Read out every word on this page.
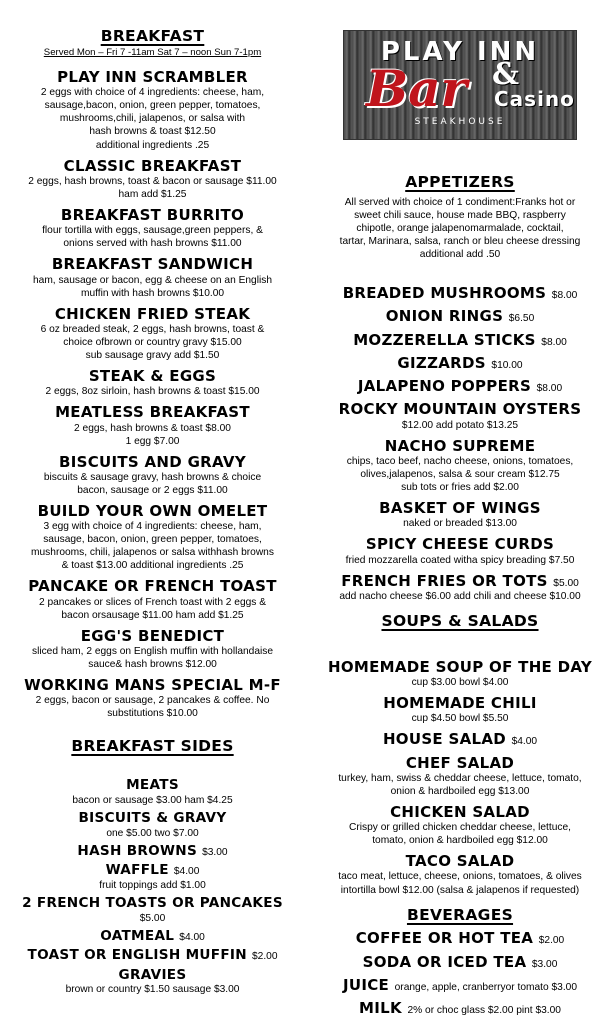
BREAKFAST
Served Mon – Fri 7 -11am Sat 7 – noon Sun 7-1pm
PLAY INN SCRAMBLER
2 eggs with choice of 4 ingredients: cheese, ham,
sausage,bacon, onion, green pepper, tomatoes,
mushrooms,chili, jalapenos, or salsa with
hash browns & toast $12.50
additional ingredients .25
CLASSIC BREAKFAST
2 eggs, hash browns, toast & bacon or sausage $11.00
ham add $1.25
BREAKFAST BURRITO
flour tortilla with eggs, sausage,green peppers, &
onions served with hash browns $11.00
BREAKFAST SANDWICH
ham, sausage or bacon, egg & cheese on an English
muffin with hash browns $10.00
CHICKEN FRIED STEAK
6 oz breaded steak, 2 eggs, hash browns, toast &
choice ofbrown or country gravy $15.00
sub sausage gravy add $1.50
STEAK & EGGS
2 eggs, 8oz sirloin, hash browns & toast $15.00
MEATLESS BREAKFAST
2 eggs, hash browns & toast $8.00
1 egg $7.00
BISCUITS AND GRAVY
biscuits & sausage gravy, hash browns & choice
bacon, sausage or 2 eggs $11.00
BUILD YOUR OWN OMELET
3 egg with choice of 4 ingredients: cheese, ham,
sausage, bacon, onion, green pepper, tomatoes,
mushrooms, chili, jalapenos or salsa withhash browns
& toast $13.00 additional ingredients .25
PANCAKE OR FRENCH TOAST
2 pancakes or slices of French toast with 2 eggs &
bacon orsausage $11.00 ham add $1.25
EGG'S BENEDICT
sliced ham, 2 eggs on English muffin with hollandaise
sauce& hash browns $12.00
WORKING MANS SPECIAL M-F
2 eggs, bacon or sausage, 2 pancakes & coffee. No
substitutions $10.00
BREAKFAST SIDES
MEATS
bacon or sausage $3.00 ham $4.25
BISCUITS & GRAVY
one $5.00 two $7.00
HASH BROWNS $3.00
WAFFLE $4.00
fruit toppings add $1.00
2 FRENCH TOASTS OR PANCAKES
$5.00
OATMEAL $4.00
TOAST OR ENGLISH MUFFIN $2.00
GRAVIES
brown or country $1.50 sausage $3.00
PLAY INN
Bar &
Casino
STEAKHOUSE
APPETIZERS
All served with choice of 1 condiment:Franks hot or
sweet chili sauce, house made BBQ, raspberry
chipotle, orange jalapenomarmalade, cocktail,
tartar, Marinara, salsa, ranch or bleu cheese dressing
additional add .50
BREADED MUSHROOMS $8.00
ONION RINGS $6.50
MOZZERELLA STICKS $8.00
GIZZARDS $10.00
JALAPENO POPPERS $8.00
ROCKY MOUNTAIN OYSTERS
$12.00 add potato $13.25
NACHO SUPREME
chips, taco beef, nacho cheese, onions, tomatoes,
olives,jalapenos, salsa & sour cream $12.75
sub tots or fries add $2.00
BASKET OF WINGS
naked or breaded $13.00
SPICY CHEESE CURDS
fried mozzarella coated witha spicy breading $7.50
FRENCH FRIES OR TOTS $5.00
add nacho cheese $6.00 add chili and cheese $10.00
SOUPS & SALADS
HOMEMADE SOUP OF THE DAY
cup $3.00 bowl $4.00
HOMEMADE CHILI
cup $4.50 bowl $5.50
HOUSE SALAD $4.00
CHEF SALAD
turkey, ham, swiss & cheddar cheese, lettuce, tomato,
onion & hardboiled egg $13.00
CHICKEN SALAD
Crispy or grilled chicken cheddar cheese, lettuce,
tomato, onion & hardboiled egg $12.00
TACO SALAD
taco meat, lettuce, cheese, onions, tomatoes, & olives
intortilla bowl $12.00 (salsa & jalapenos if requested)
BEVERAGES
COFFEE OR HOT TEA $2.00
SODA OR ICED TEA $3.00
JUICE orange, apple, cranberryor tomato $3.00
MILK 2% or choc glass $2.00 pint $3.00
